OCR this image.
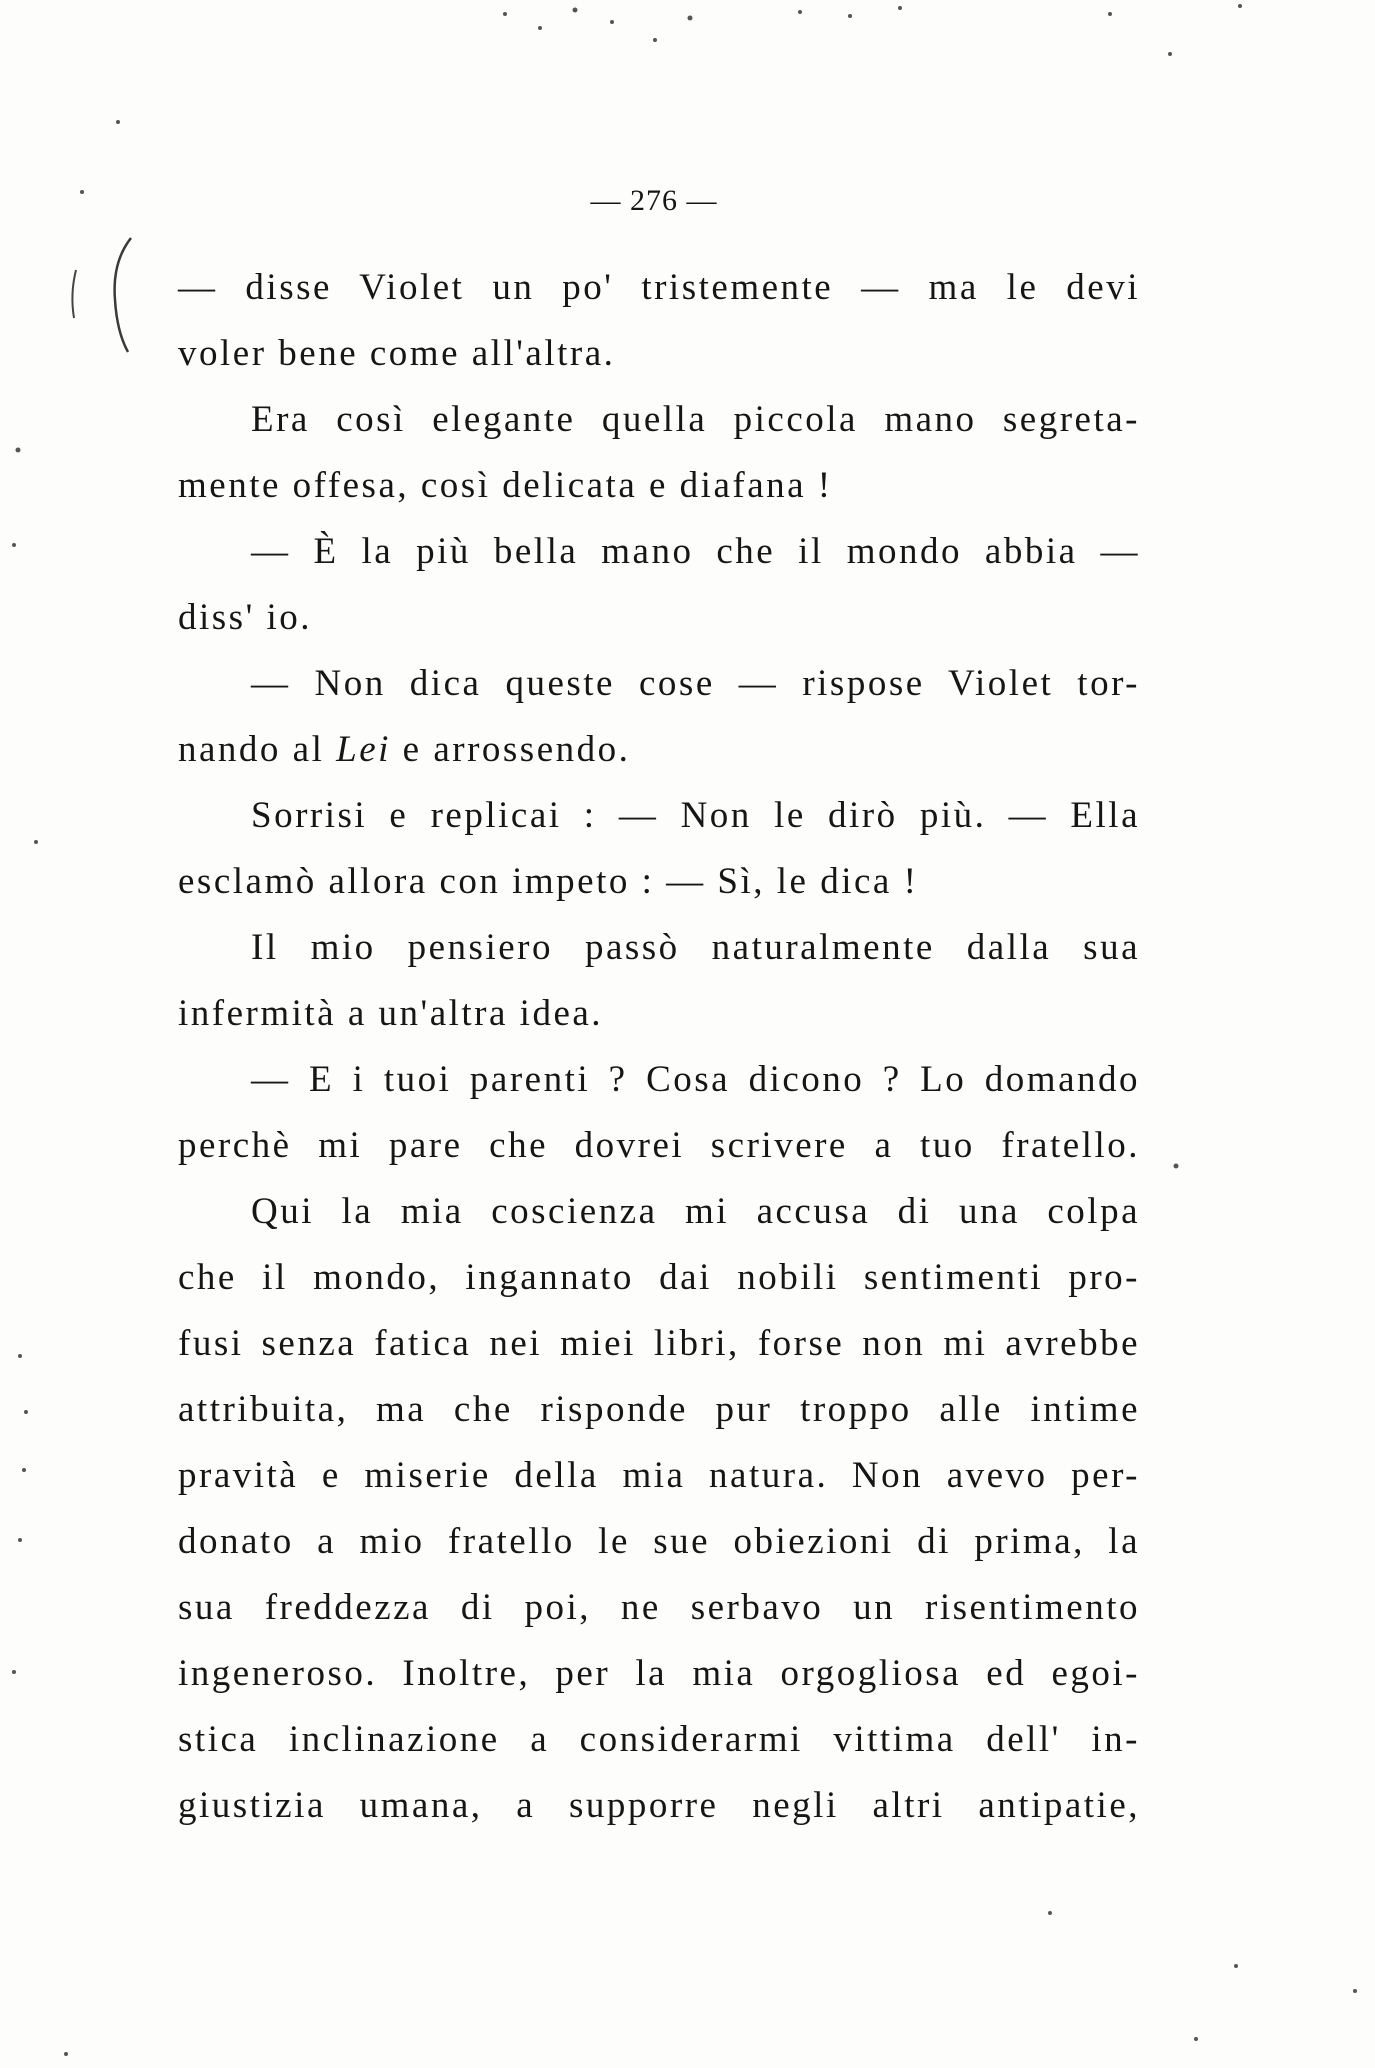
— 276 —
— disse Violet un po' tristemente — ma le devi
voler bene come all'altra.
Era così elegante quella piccola mano segreta-
mente offesa, così delicata e diafana !
— È la più bella mano che il mondo abbia —
diss' io.
— Non dica queste cose — rispose Violet tor-
nando al Lei e arrossendo.
Sorrisi e replicai : — Non le dirò più. — Ella
esclamò allora con impeto : — Sì, le dica !
Il mio pensiero passò naturalmente dalla sua
infermità a un'altra idea.
— E i tuoi parenti ? Cosa dicono ? Lo domando
perchè mi pare che dovrei scrivere a tuo fratello.
Qui la mia coscienza mi accusa di una colpa
che il mondo, ingannato dai nobili sentimenti pro-
fusi senza fatica nei miei libri, forse non mi avrebbe
attribuita, ma che risponde pur troppo alle intime
pravità e miserie della mia natura. Non avevo per-
donato a mio fratello le sue obiezioni di prima, la
sua freddezza di poi, ne serbavo un risentimento
ingeneroso. Inoltre, per la mia orgogliosa ed egoi-
stica inclinazione a considerarmi vittima dell' in-
giustizia umana, a supporre negli altri antipatie,
